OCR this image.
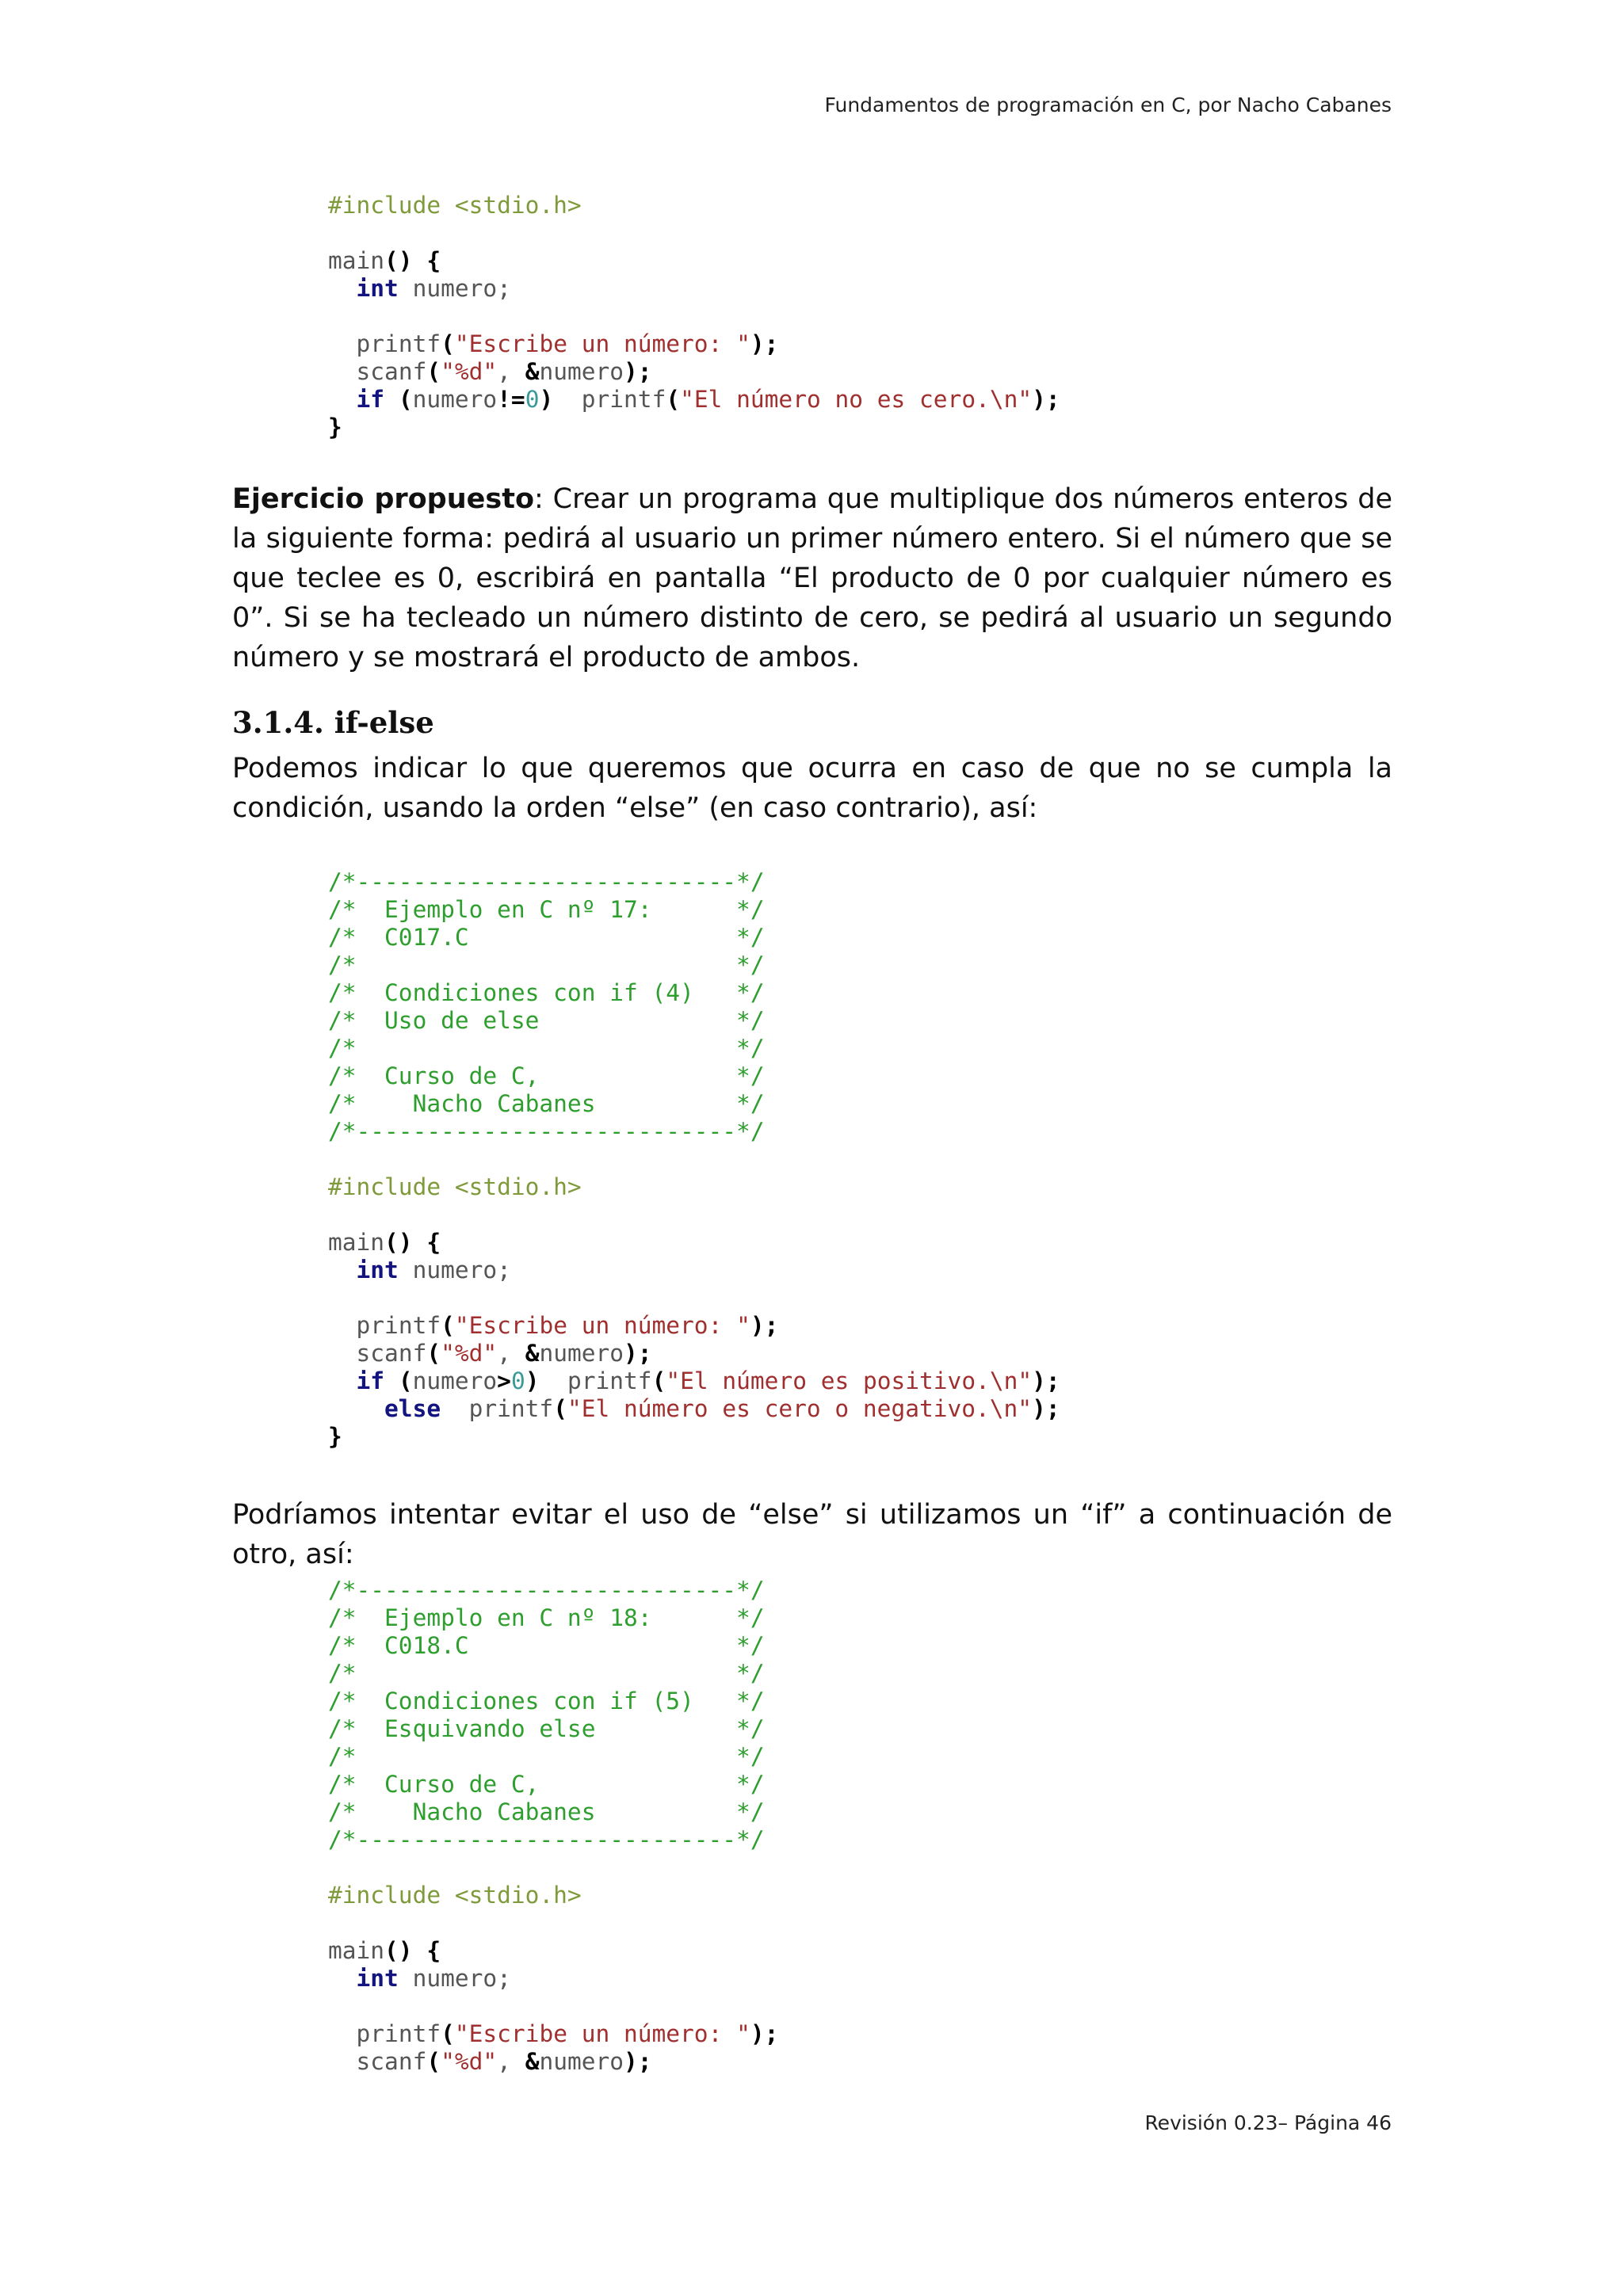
Fundamentos de programación en C, por Nacho Cabanes
#include <stdio.h>

main() {
int numero;

printf("Escribe un número: ");
scanf("%d", &numero);
if (numero!=0)  printf("El número no es cero.\n");
}
Ejercicio propuesto: Crear un programa que multiplique dos números enteros de la siguiente forma: pedirá al usuario un primer número entero. Si el número que se que teclee es 0, escribirá en pantalla “El producto de 0 por cualquier número es 0”. Si se ha tecleado un número distinto de cero, se pedirá al usuario un segundo número y se mostrará el producto de ambos.
3.1.4. if-else
Podemos indicar lo que queremos que ocurra en caso de que no se cumpla la condición, usando la orden “else” (en caso contrario), así:
/*---------------------------*/
/*  Ejemplo en C nº 17:      */
/*  C017.C                   */
/*                           */
/*  Condiciones con if (4)   */
/*  Uso de else              */
/*                           */
/*  Curso de C,              */
/*    Nacho Cabanes          */
/*---------------------------*/

#include <stdio.h>

main() {
int numero;

printf("Escribe un número: ");
scanf("%d", &numero);
if (numero>0)  printf("El número es positivo.\n");
else  printf("El número es cero o negativo.\n");
}
Podríamos intentar evitar el uso de “else” si utilizamos un “if” a continuación de otro, así:
/*---------------------------*/
/*  Ejemplo en C nº 18:      */
/*  C018.C                   */
/*                           */
/*  Condiciones con if (5)   */
/*  Esquivando else          */
/*                           */
/*  Curso de C,              */
/*    Nacho Cabanes          */
/*---------------------------*/

#include <stdio.h>

main() {
int numero;

printf("Escribe un número: ");
scanf("%d", &numero);
Revisión 0.23– Página 46
